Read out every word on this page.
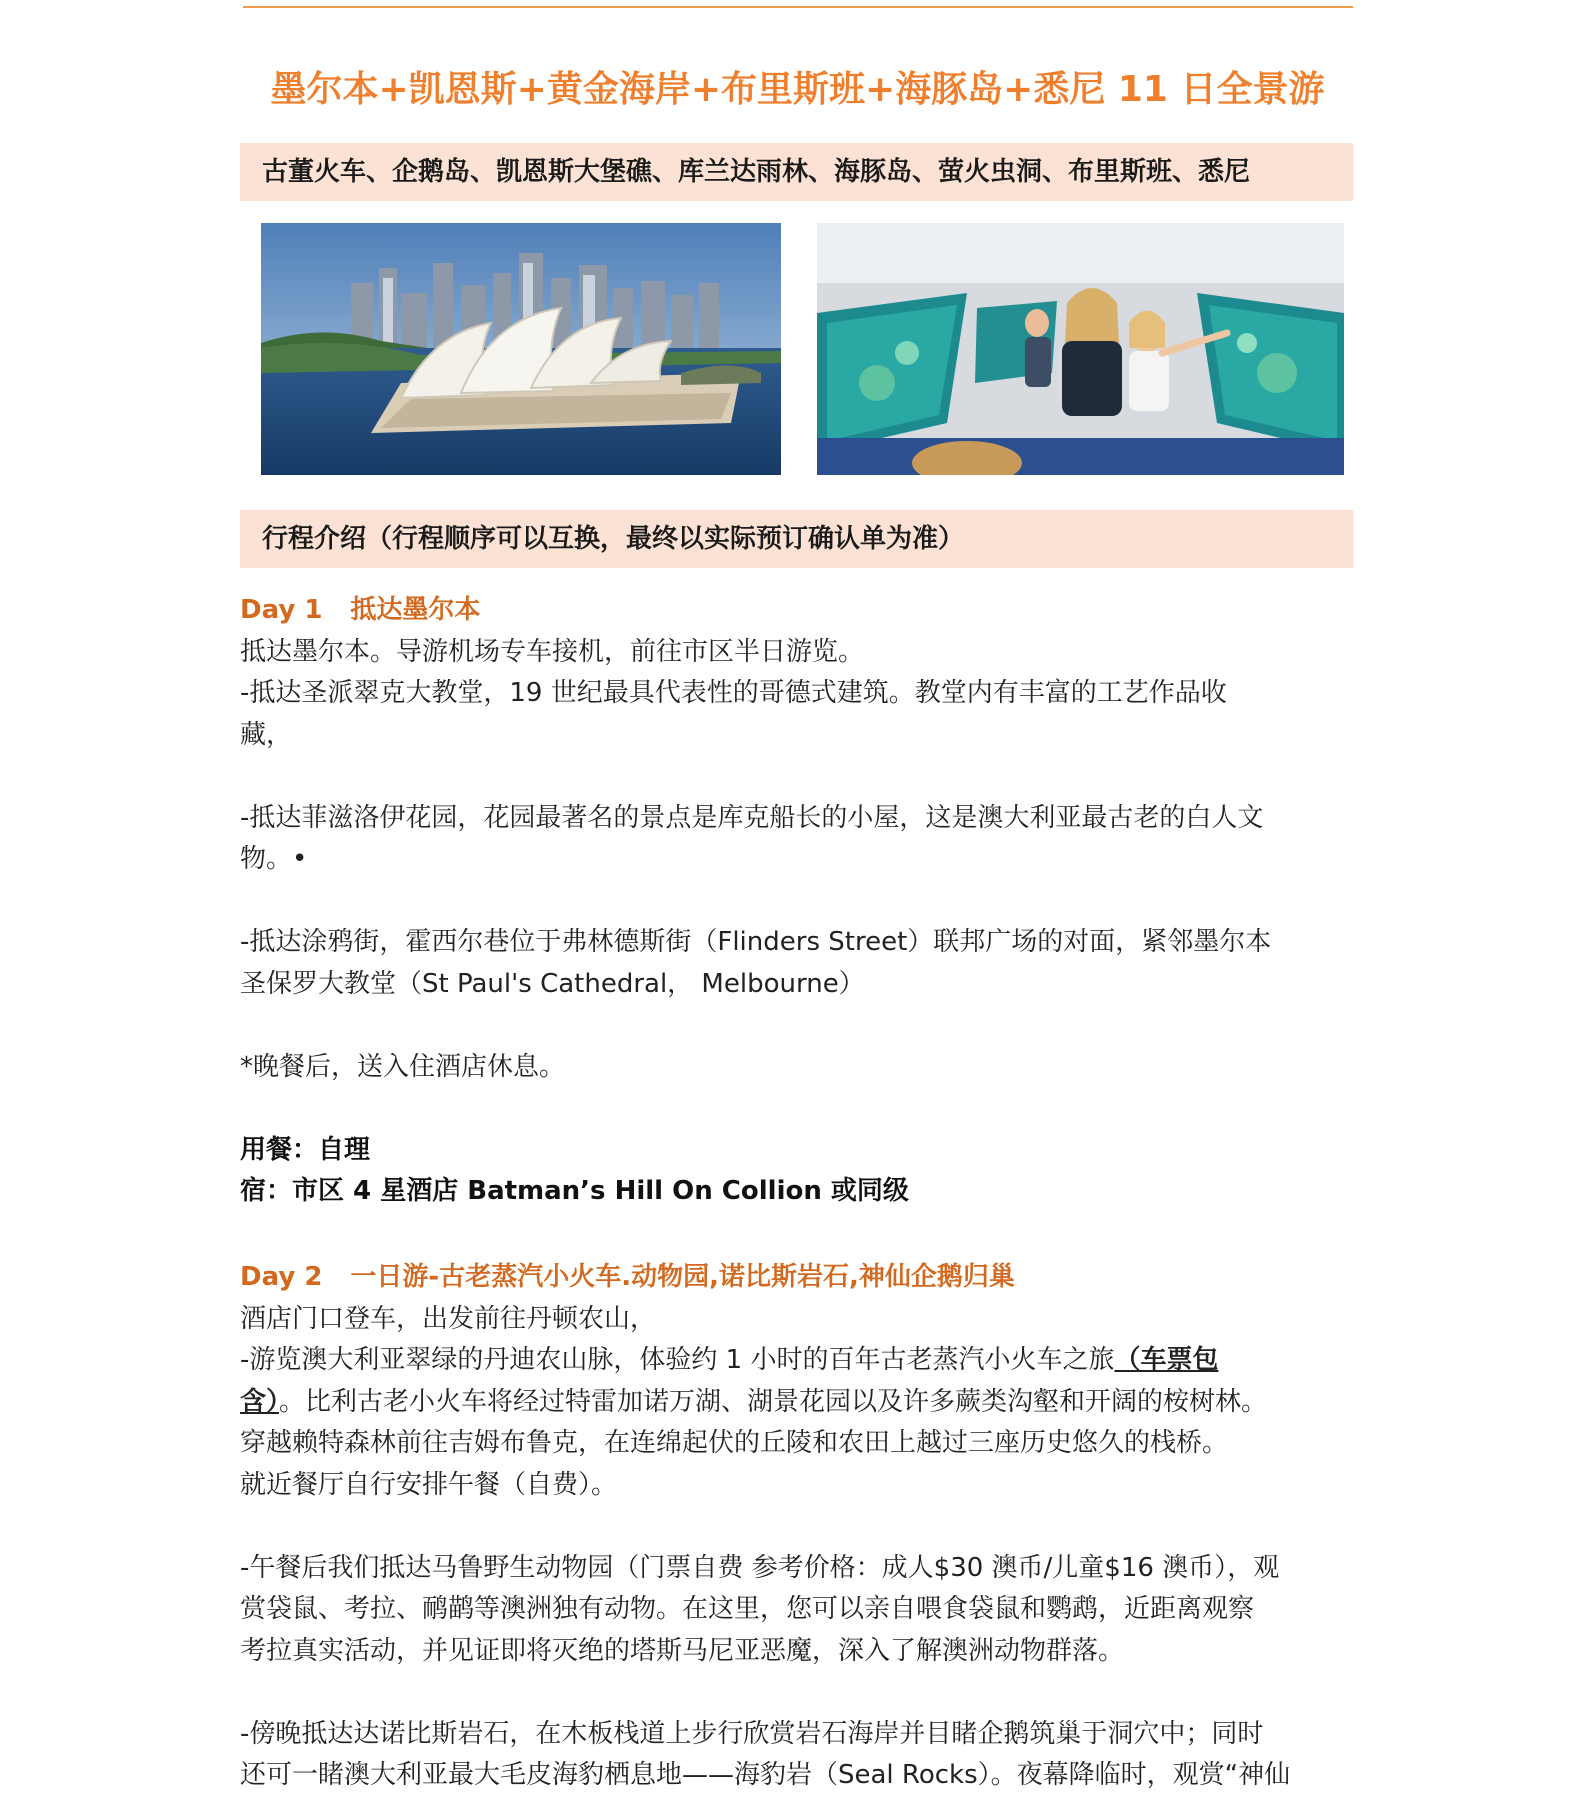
墨尔本+凯恩斯+黄金海岸+布里斯班+海豚岛+悉尼 11 日全景游
古董火车、企鹅岛、凯恩斯大堡礁、库兰达雨林、海豚岛、萤火虫洞、布里斯班、悉尼
行程介绍（行程顺序可以互换，最终以实际预订确认单为准）
Day 1 抵达墨尔本
抵达墨尔本。导游机场专车接机，前往市区半日游览。
-抵达圣派翠克大教堂，19 世纪最具代表性的哥德式建筑。教堂内有丰富的工艺作品收
藏，
-抵达菲滋洛伊花园，花园最著名的景点是库克船长的小屋，这是澳大利亚最古老的白人文
物。•
-抵达涂鸦街，霍西尔巷位于弗林德斯街（Flinders Street）联邦广场的对面，紧邻墨尔本
圣保罗大教堂（St Paul's Cathedral， Melbourne）
*晚餐后，送入住酒店休息。
用餐：自理
宿：市区 4 星酒店 Batman’s Hill On Collion 或同级
Day 2 一日游-古老蒸汽小火车.动物园,诺比斯岩石,神仙企鹅归巢
酒店门口登车，出发前往丹顿农山，
-游览澳大利亚翠绿的丹迪农山脉，体验约 1 小时的百年古老蒸汽小火车之旅（车票包
含）。比利古老小火车将经过特雷加诺万湖、湖景花园以及许多蕨类沟壑和开阔的桉树林。
穿越赖特森林前往吉姆布鲁克，在连绵起伏的丘陵和农田上越过三座历史悠久的栈桥。
就近餐厅自行安排午餐（自费）。
-午餐后我们抵达马鲁野生动物园（门票自费 参考价格：成人$30 澳币/儿童$16 澳币），观
赏袋鼠、考拉、鸸鹋等澳洲独有动物。在这里，您可以亲自喂食袋鼠和鹦鹉，近距离观察
考拉真实活动，并见证即将灭绝的塔斯马尼亚恶魔，深入了解澳洲动物群落。
-傍晚抵达达诺比斯岩石，在木板栈道上步行欣赏岩石海岸并目睹企鹅筑巢于洞穴中；同时
还可一睹澳大利亚最大毛皮海豹栖息地——海豹岩（Seal Rocks）。夜幕降临时，观赏“神仙
